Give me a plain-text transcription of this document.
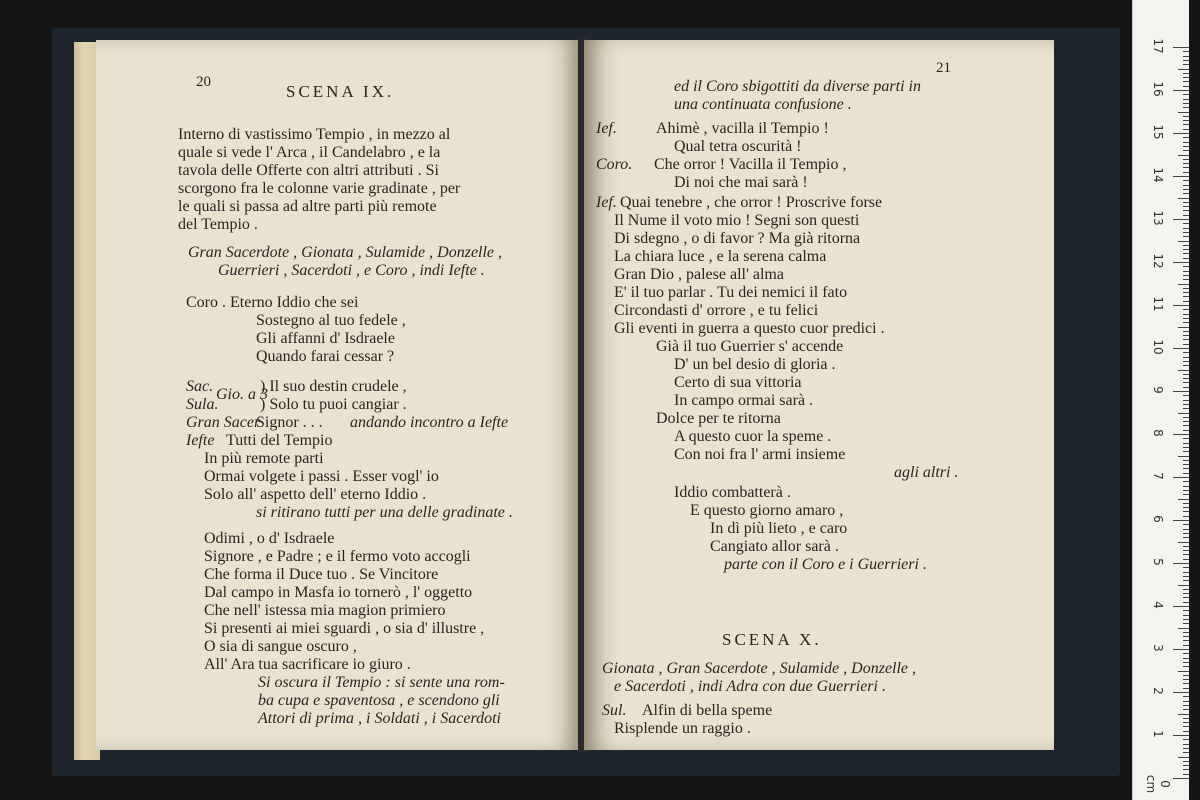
20	SCENA IX.
Interno di vastissimo Tempio , in mezzo al
quale si vede l' Arca , il Candelabro , e la
tavola delle Offerte con altri attributi . Si
scorgono fra le colonne varie gradinate , per
le quali si passa ad altre parti più remote
del Tempio .
Gran Sacerdote , Gionata , Sulamide , Donzelle ,
Guerrieri , Sacerdoti , e Coro , indi Iefte .
Coro . Eterno Iddio che sei
Sostegno al tuo fedele ,
Gli affanni d' Isdraele
Quando farai cessar ?
Sac. Gio. a 3
) Il suo destin crudele ,
Sula.	) Solo tu puoi cangiar .
Gran Sacer
Signor . . . andando incontro a Iefte
Iefte Tutti del Tempio
In più remote parti
Ormai volgete i passi . Esser vogl' io
Solo all' aspetto dell' eterno Iddio .
si ritirano tutti per una delle gradinate .
Odimi , o d' Isdraele
Signore , e Padre ; e il fermo voto accogli
Che forma il Duce tuo . Se Vincitore
Dal campo in Masfa io tornerò , l' oggetto
Che nell' istessa mia magion primiero
Si presenti ai miei sguardi , o sia d' illustre ,
O sia di sangue oscuro ,
All' Ara tua sacrificare io giuro .
Si oscura il Tempio : si sente una rom-
ba cupa e spaventosa , e scendono gli
Attori di prima , i Soldati , i Sacerdoti
21
SCENA X.
ed il Coro sbigottiti da diverse parti in
una continuata confusione .
Ief. Ahimè , vacilla il Tempio !
Qual tetra oscurità !
Coro. Che orror ! Vacilla il Tempio ,
Di noi che mai sarà !
Ief. Quai tenebre , che orror ! Proscrive forse
Il Nume il voto mio ! Segni son questi
Di sdegno , o di favor ? Ma già ritorna
La chiara luce , e la serena calma
Gran Dio , palese all' alma
E' il tuo parlar . Tu dei nemici il fato
Circondasti d' orrore , e tu felici
Gli eventi in guerra a questo cuor predici .
Già il tuo Guerrier s' accende
D' un bel desio di gloria .
Certo di sua vittoria
In campo ormai sarà .
Dolce per te ritorna
A questo cuor la speme .
Con noi fra l' armi insieme
agli altri .
Iddio combatterà .
E questo giorno amaro ,
In dì più lieto , e caro
Cangiato allor sarà .
parte con il Coro e i Guerrieri .
Gionata , Gran Sacerdote , Sulamide , Donzelle ,
e Sacerdoti , indi Adra con due Guerrieri .
Sul. Alfin di bella speme
Risplende un raggio .
0 cm
1
2
3
4
5
6
7
8
9
10
11
12
13
14
15
16
17
